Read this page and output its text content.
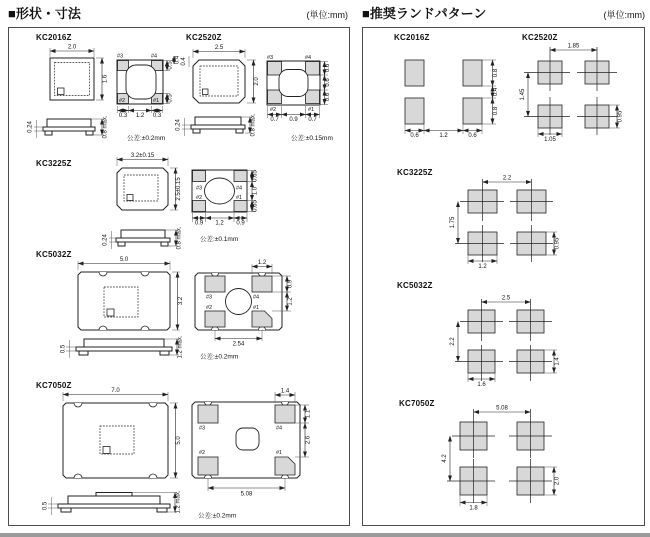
■形状・寸法	(単位:mm) ■推奨ランドパターン	(単位:mm)
KC2016Z
2.0
1.6
#3	#4
#2	#1
0.5
0.5
0.4
0.3 1.2 0.3
0.24	0.8 max.	公差:±0.2mm
KC2520Z
0.4
2.5
2.0
#3	#4
#2	#1
0.6
0.6
0.6
0.7 0.9 0.7
0.24	0.8 max.
公差:±0.15mm
KC3225Z
3.2±0.15
2.5±0.15	#3	#4
#2	#1
0.65
1.0
0.65
0.9 1.2 0.9
0.24	0.8 max.	公差:±0.1mm
KC5032Z
5.0
3.2	#3	#4
#2	#1
1.2
0.9
1.2
2.54
0.5	1.2 max.	公差:±0.2mm
KC7050Z
7.0
5.0
#3	#4
#2	#1
1.4
1.1
2.6
5.08
0.5	1.2 max.
公差:±0.2mm
KC2016Z
0.8
0.4
0.8
0.6	1.2	0.6
KC2520Z
1.85
1.45
1.05
0.95
KC3225Z
2.2
1.75
1.2
0.95
KC5032Z
2.5
2.2
1.6
1.4
KC7050Z
5.08
4.2
1.8
2.0
